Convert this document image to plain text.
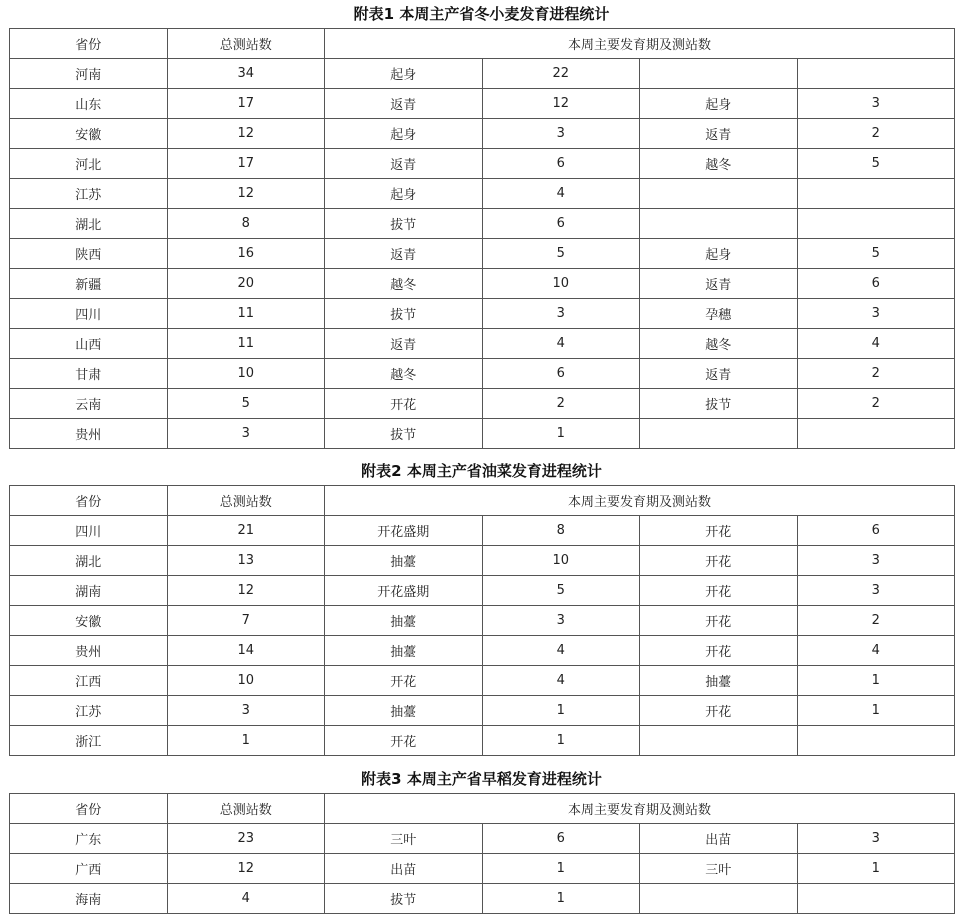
附表1 本周主产省冬小麦发育进程统计
省份	总测站数	本周主要发育期及测站数			
河南	34	起身	22		
山东	17	返青	12	起身	3
安徽	12	起身	3	返青	2
河北	17	返青	6	越冬	5
江苏	12	起身	4		
湖北	8	拔节	6		
陕西	16	返青	5	起身	5
新疆	20	越冬	10	返青	6
四川	11	拔节	3	孕穗	3
山西	11	返青	4	越冬	4
甘肃	10	越冬	6	返青	2
云南	5	开花	2	拔节	2
贵州	3	拔节	1		
附表2 本周主产省油菜发育进程统计
省份	总测站数	本周主要发育期及测站数			
四川	21	开花盛期	8	开花	6
湖北	13	抽薹	10	开花	3
湖南	12	开花盛期	5	开花	3
安徽	7	抽薹	3	开花	2
贵州	14	抽薹	4	开花	4
江西	10	开花	4	抽薹	1
江苏	3	抽薹	1	开花	1
浙江	1	开花	1		
附表3 本周主产省早稻发育进程统计
省份	总测站数	本周主要发育期及测站数			
广东	23	三叶	6	出苗	3
广西	12	出苗	1	三叶	1
海南	4	拔节	1		
